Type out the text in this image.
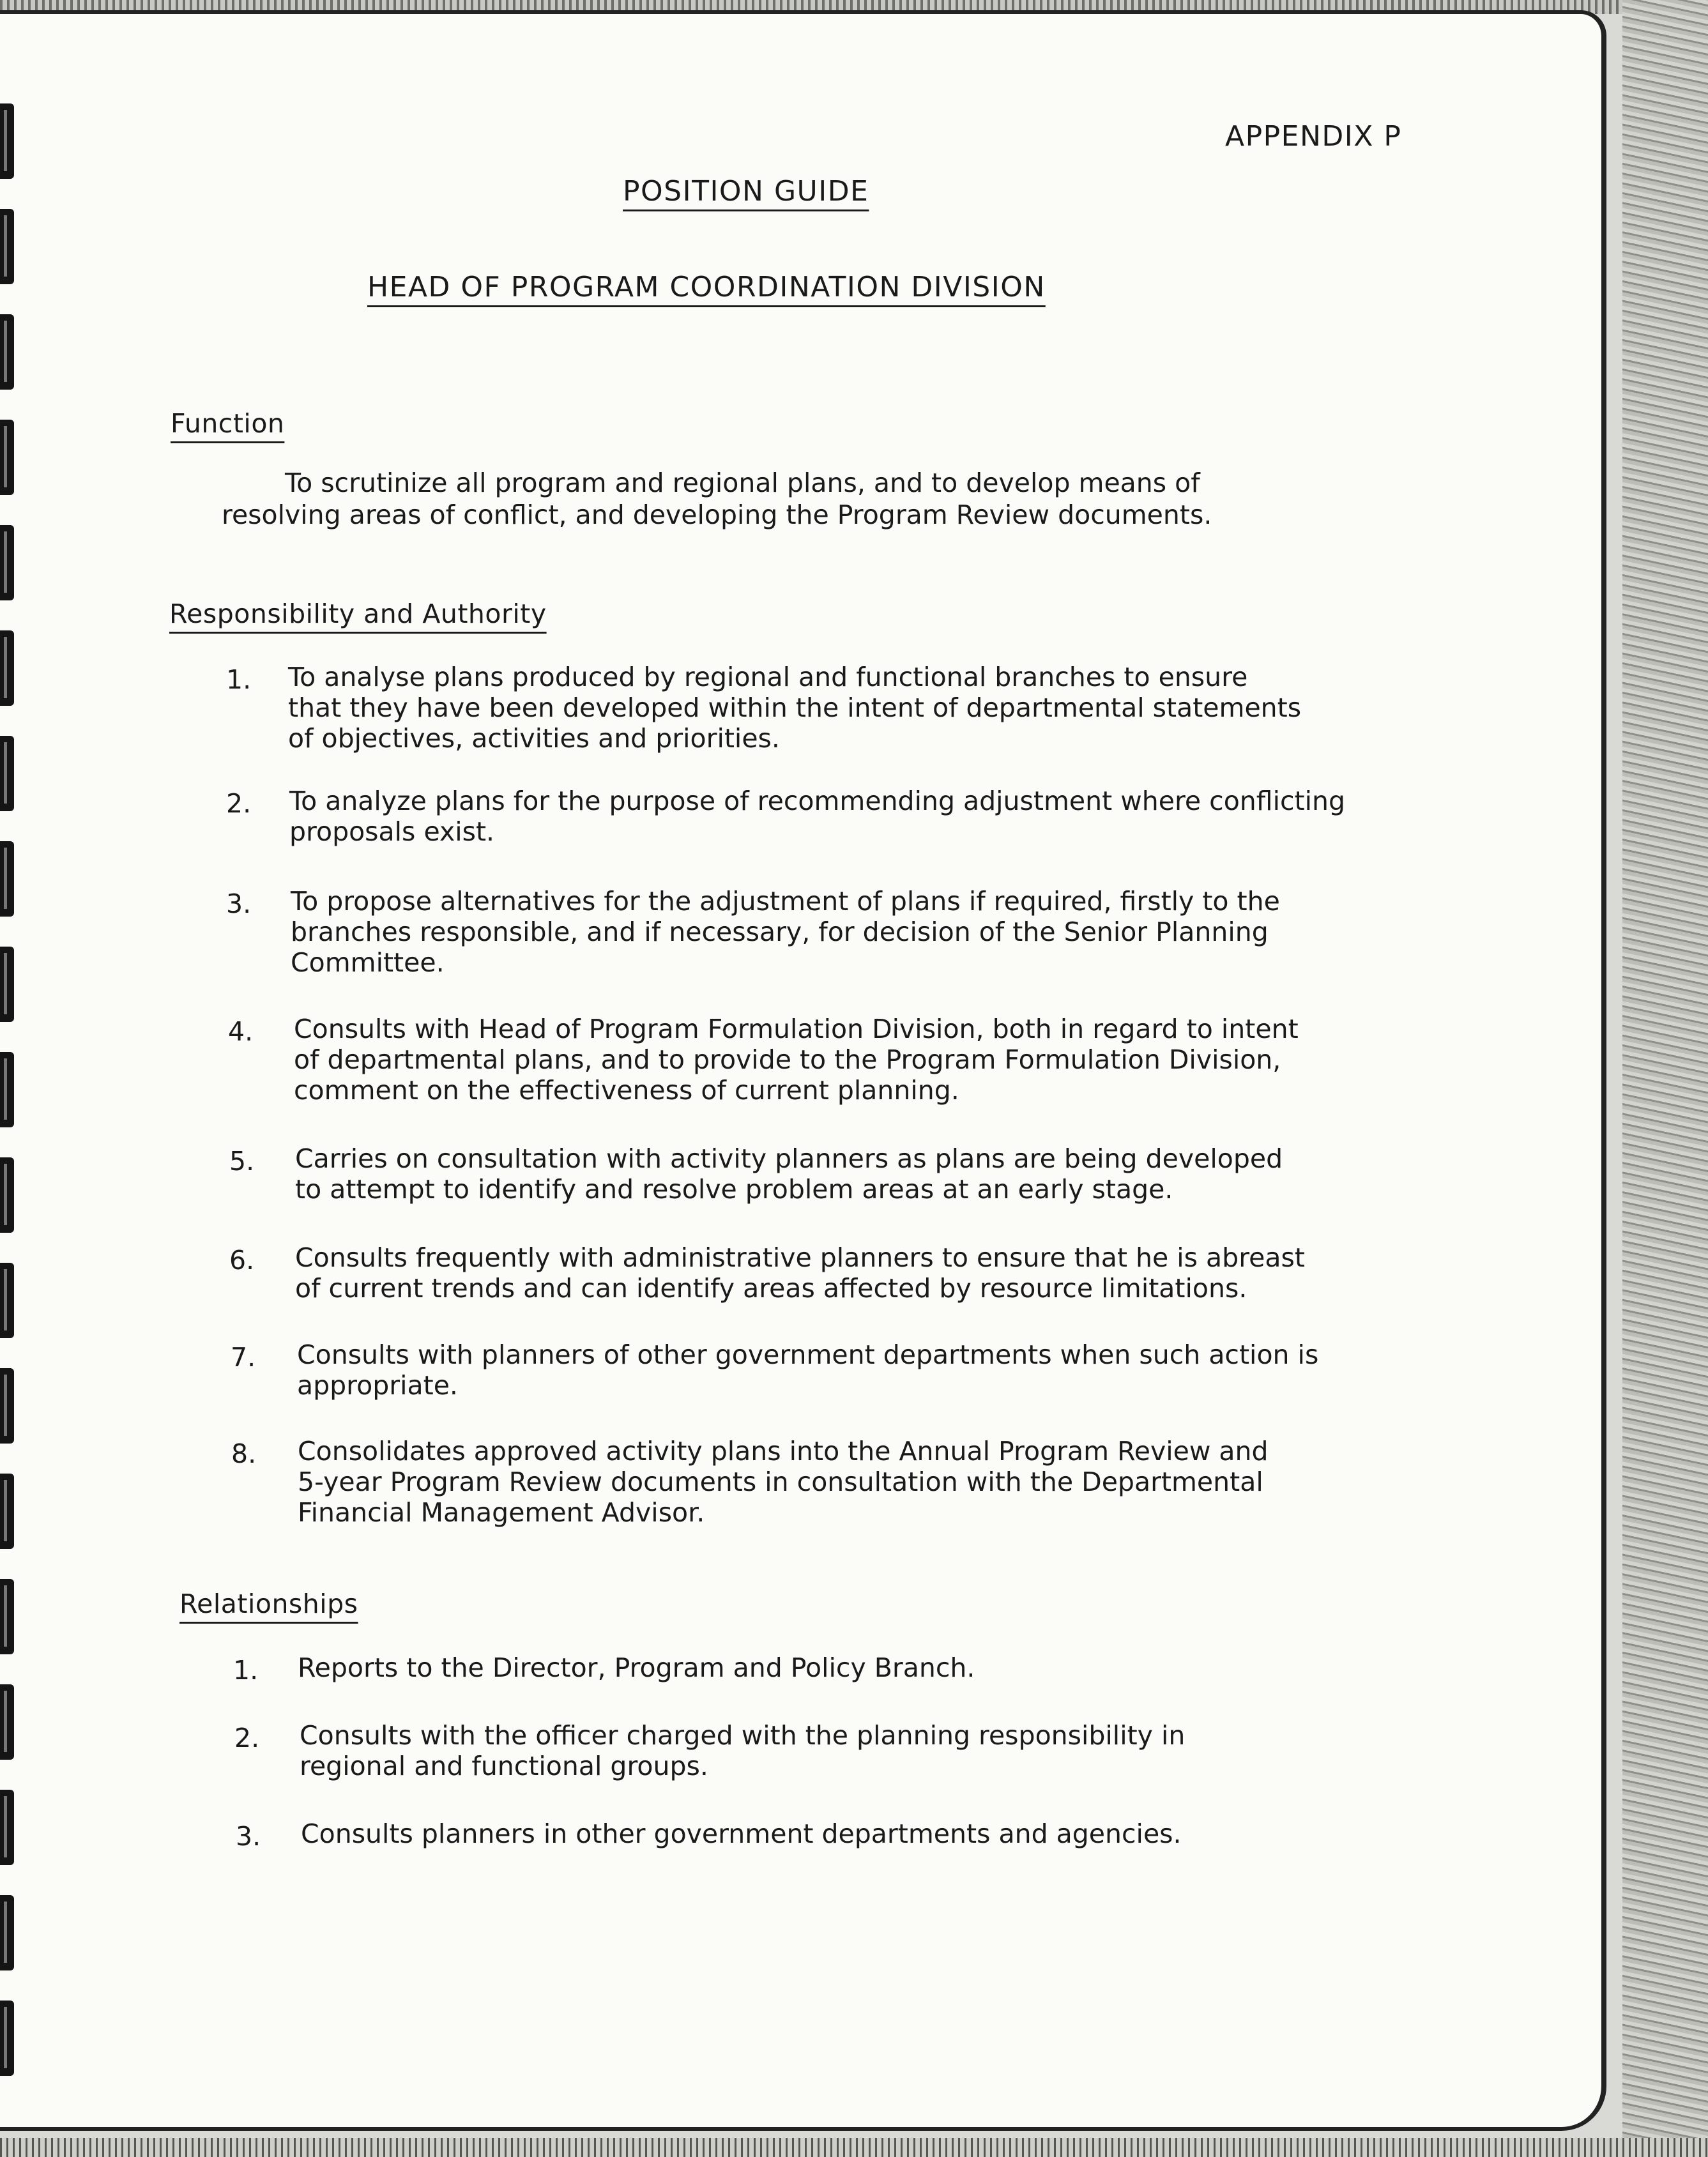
APPENDIX P
POSITION GUIDE
HEAD OF PROGRAM COORDINATION DIVISION
Function
To scrutinize all program and regional plans, and to develop means of
resolving areas of conflict, and developing the Program Review documents.
Responsibility and Authority
1. To analyse plans produced by regional and functional branches to ensure
that they have been developed within the intent of departmental statements
of objectives, activities and priorities.
2. To analyze plans for the purpose of recommending adjustment where conflicting
proposals exist.
3. To propose alternatives for the adjustment of plans if required, firstly to the
branches responsible, and if necessary, for decision of the Senior Planning
Committee.
4. Consults with Head of Program Formulation Division, both in regard to intent
of departmental plans, and to provide to the Program Formulation Division,
comment on the effectiveness of current planning.
5. Carries on consultation with activity planners as plans are being developed
to attempt to identify and resolve problem areas at an early stage.
6. Consults frequently with administrative planners to ensure that he is abreast
of current trends and can identify areas affected by resource limitations.
7. Consults with planners of other government departments when such action is
appropriate.
8. Consolidates approved activity plans into the Annual Program Review and
5-year Program Review documents in consultation with the Departmental
Financial Management Advisor.
Relationships
1. Reports to the Director, Program and Policy Branch.
2. Consults with the officer charged with the planning responsibility in
regional and functional groups.
3. Consults planners in other government departments and agencies.
